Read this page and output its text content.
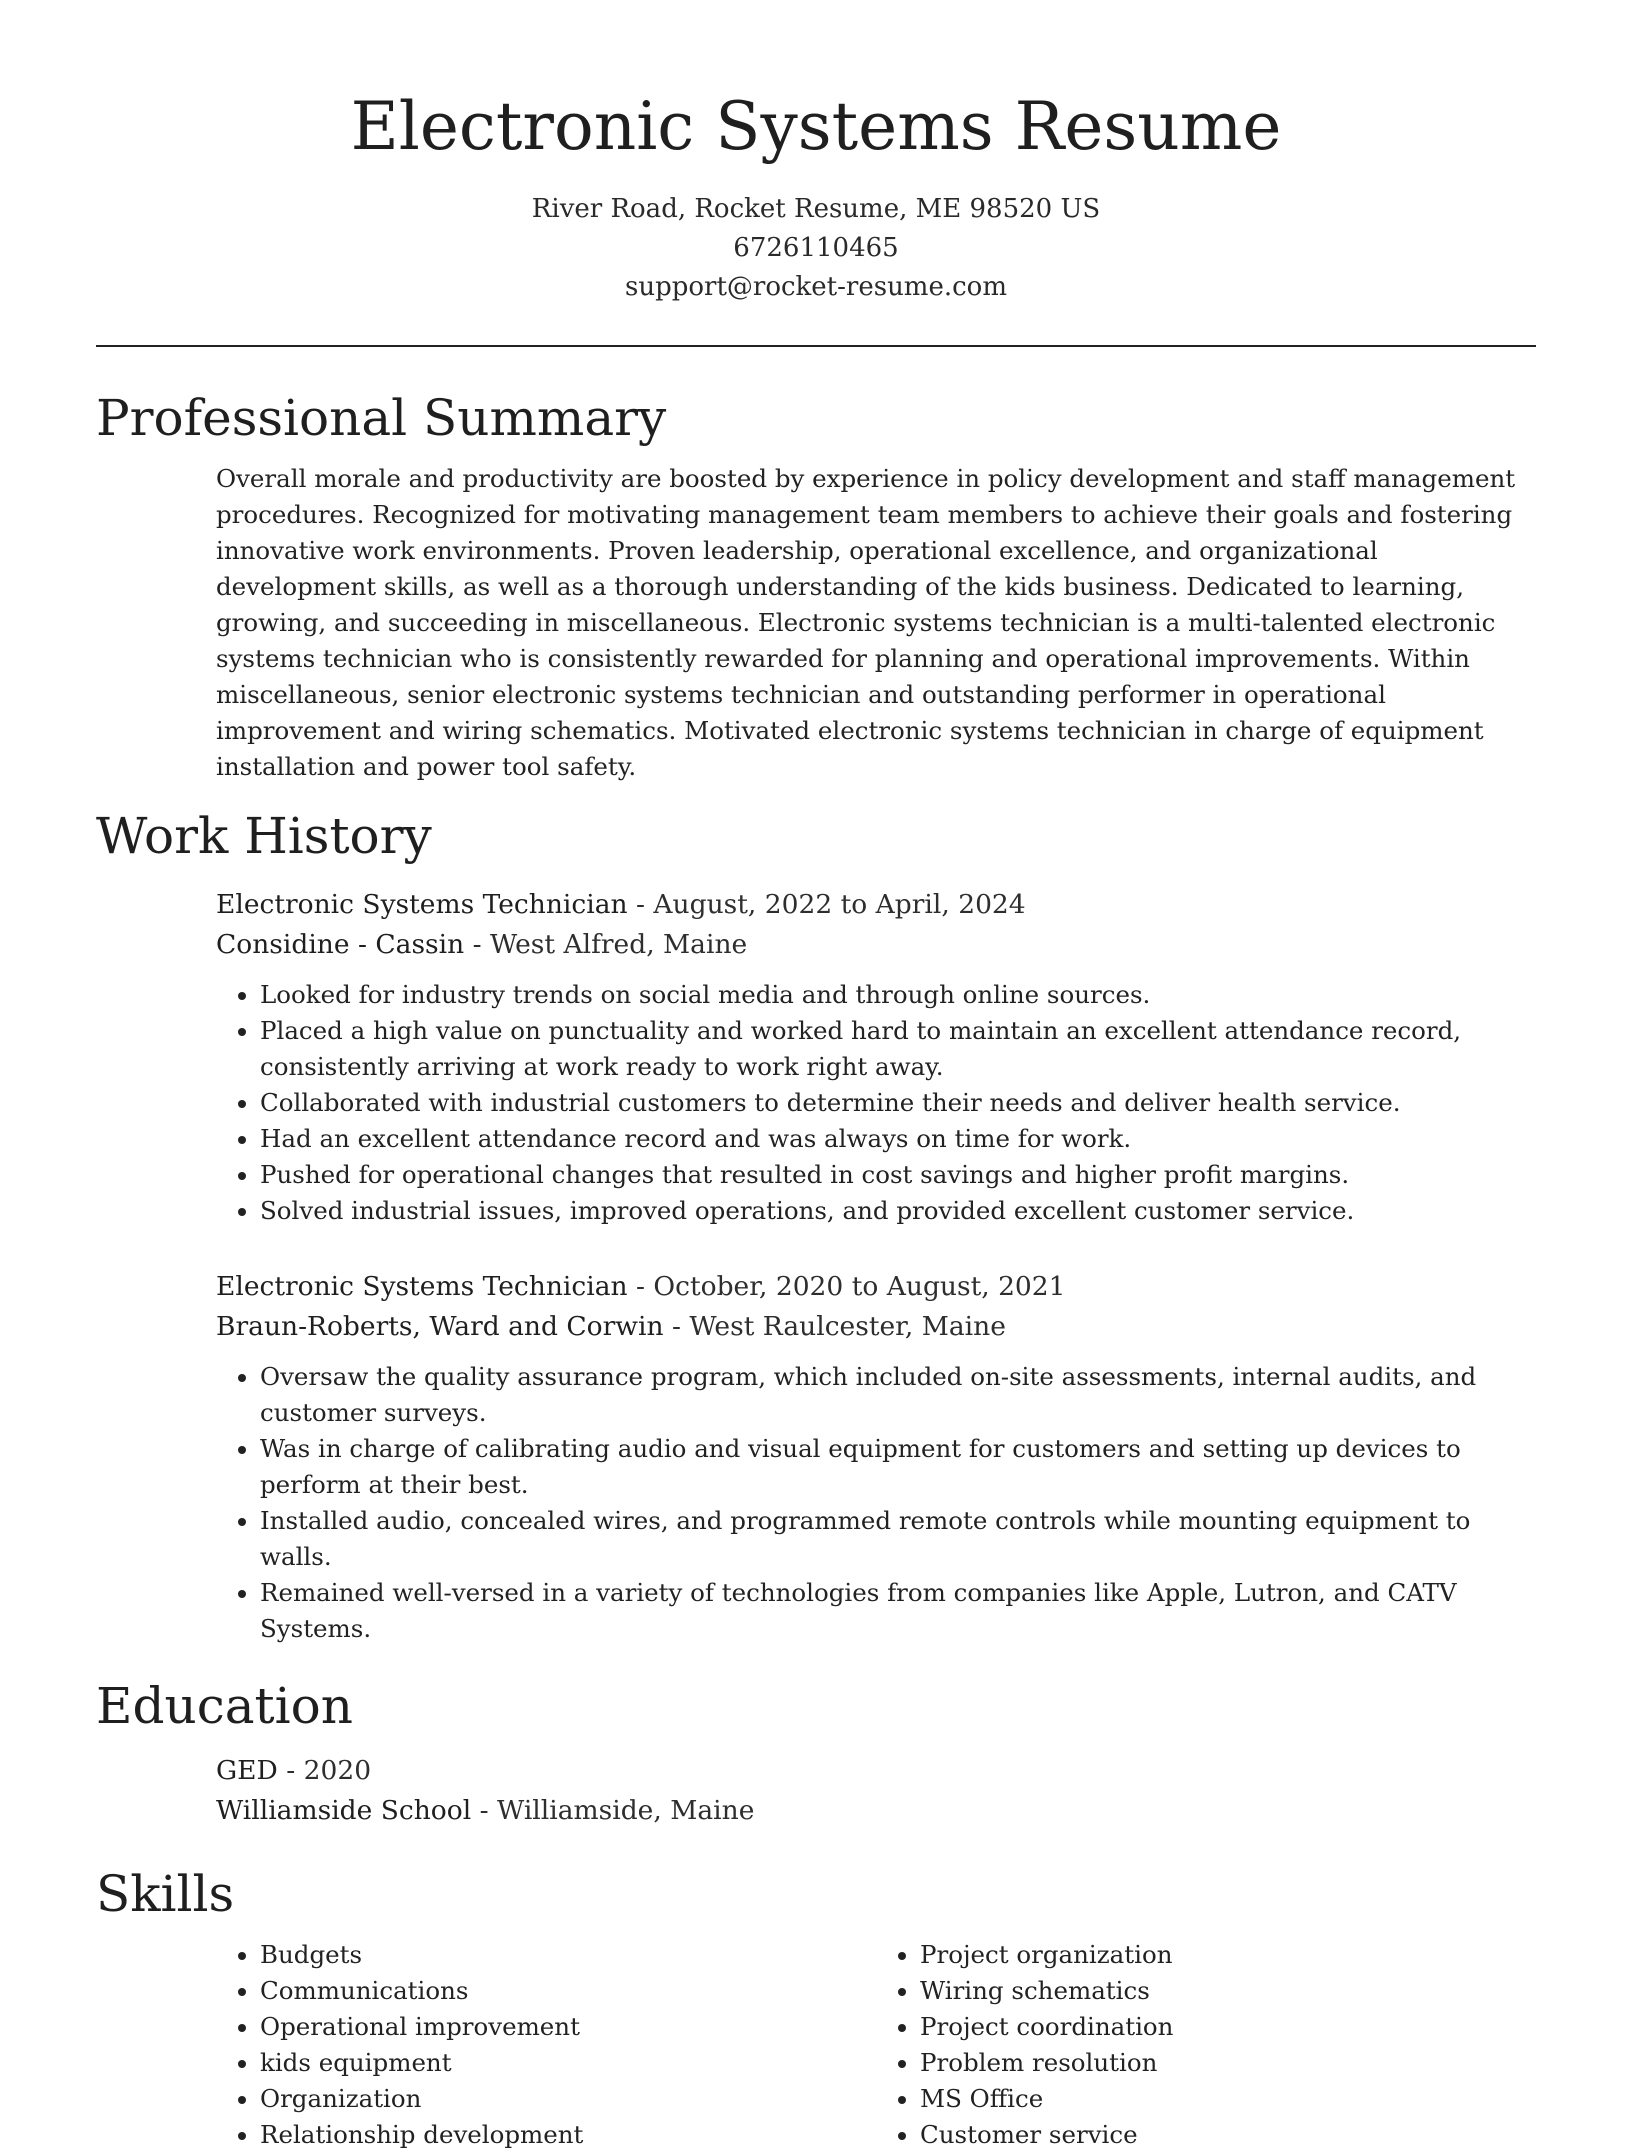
Electronic Systems Resume
River Road, Rocket Resume, ME 98520 US
6726110465
support@rocket-resume.com
Professional Summary

Overall morale and productivity are boosted by experience in policy development and staff management procedures. Recognized for motivating management team members to achieve their goals and fostering innovative work environments. Proven leadership, operational excellence, and organizational development skills, as well as a thorough understanding of the kids business. Dedicated to learning, growing, and succeeding in miscellaneous. Electronic systems technician is a multi-talented electronic systems technician who is consistently rewarded for planning and operational improvements. Within miscellaneous, senior electronic systems technician and outstanding performer in operational improvement and wiring schematics. Motivated electronic systems technician in charge of equipment installation and power tool safety.

Work History
Electronic Systems Technician - August, 2022 to April, 2024
Considine - Cassin - West Alfred, Maine
• Looked for industry trends on social media and through online sources.
• Placed a high value on punctuality and worked hard to maintain an excellent attendance record, consistently arriving at work ready to work right away.
• Collaborated with industrial customers to determine their needs and deliver health service.
• Had an excellent attendance record and was always on time for work.
• Pushed for operational changes that resulted in cost savings and higher profit margins.
• Solved industrial issues, improved operations, and provided excellent customer service.
Electronic Systems Technician - October, 2020 to August, 2021
Braun-Roberts, Ward and Corwin - West Raulcester, Maine
• Oversaw the quality assurance program, which included on-site assessments, internal audits, and customer surveys.
• Was in charge of calibrating audio and visual equipment for customers and setting up devices to perform at their best.
• Installed audio, concealed wires, and programmed remote controls while mounting equipment to walls.
• Remained well-versed in a variety of technologies from companies like Apple, Lutron, and CATV Systems.
Education
GED - 2020
Williamside School - Williamside, Maine
Skills
• Budgets
• Communications
• Operational improvement
• kids equipment
• Organization
• Relationship development
• Project organization
• Wiring schematics
• Project coordination
• Problem resolution
• MS Office
• Customer service
